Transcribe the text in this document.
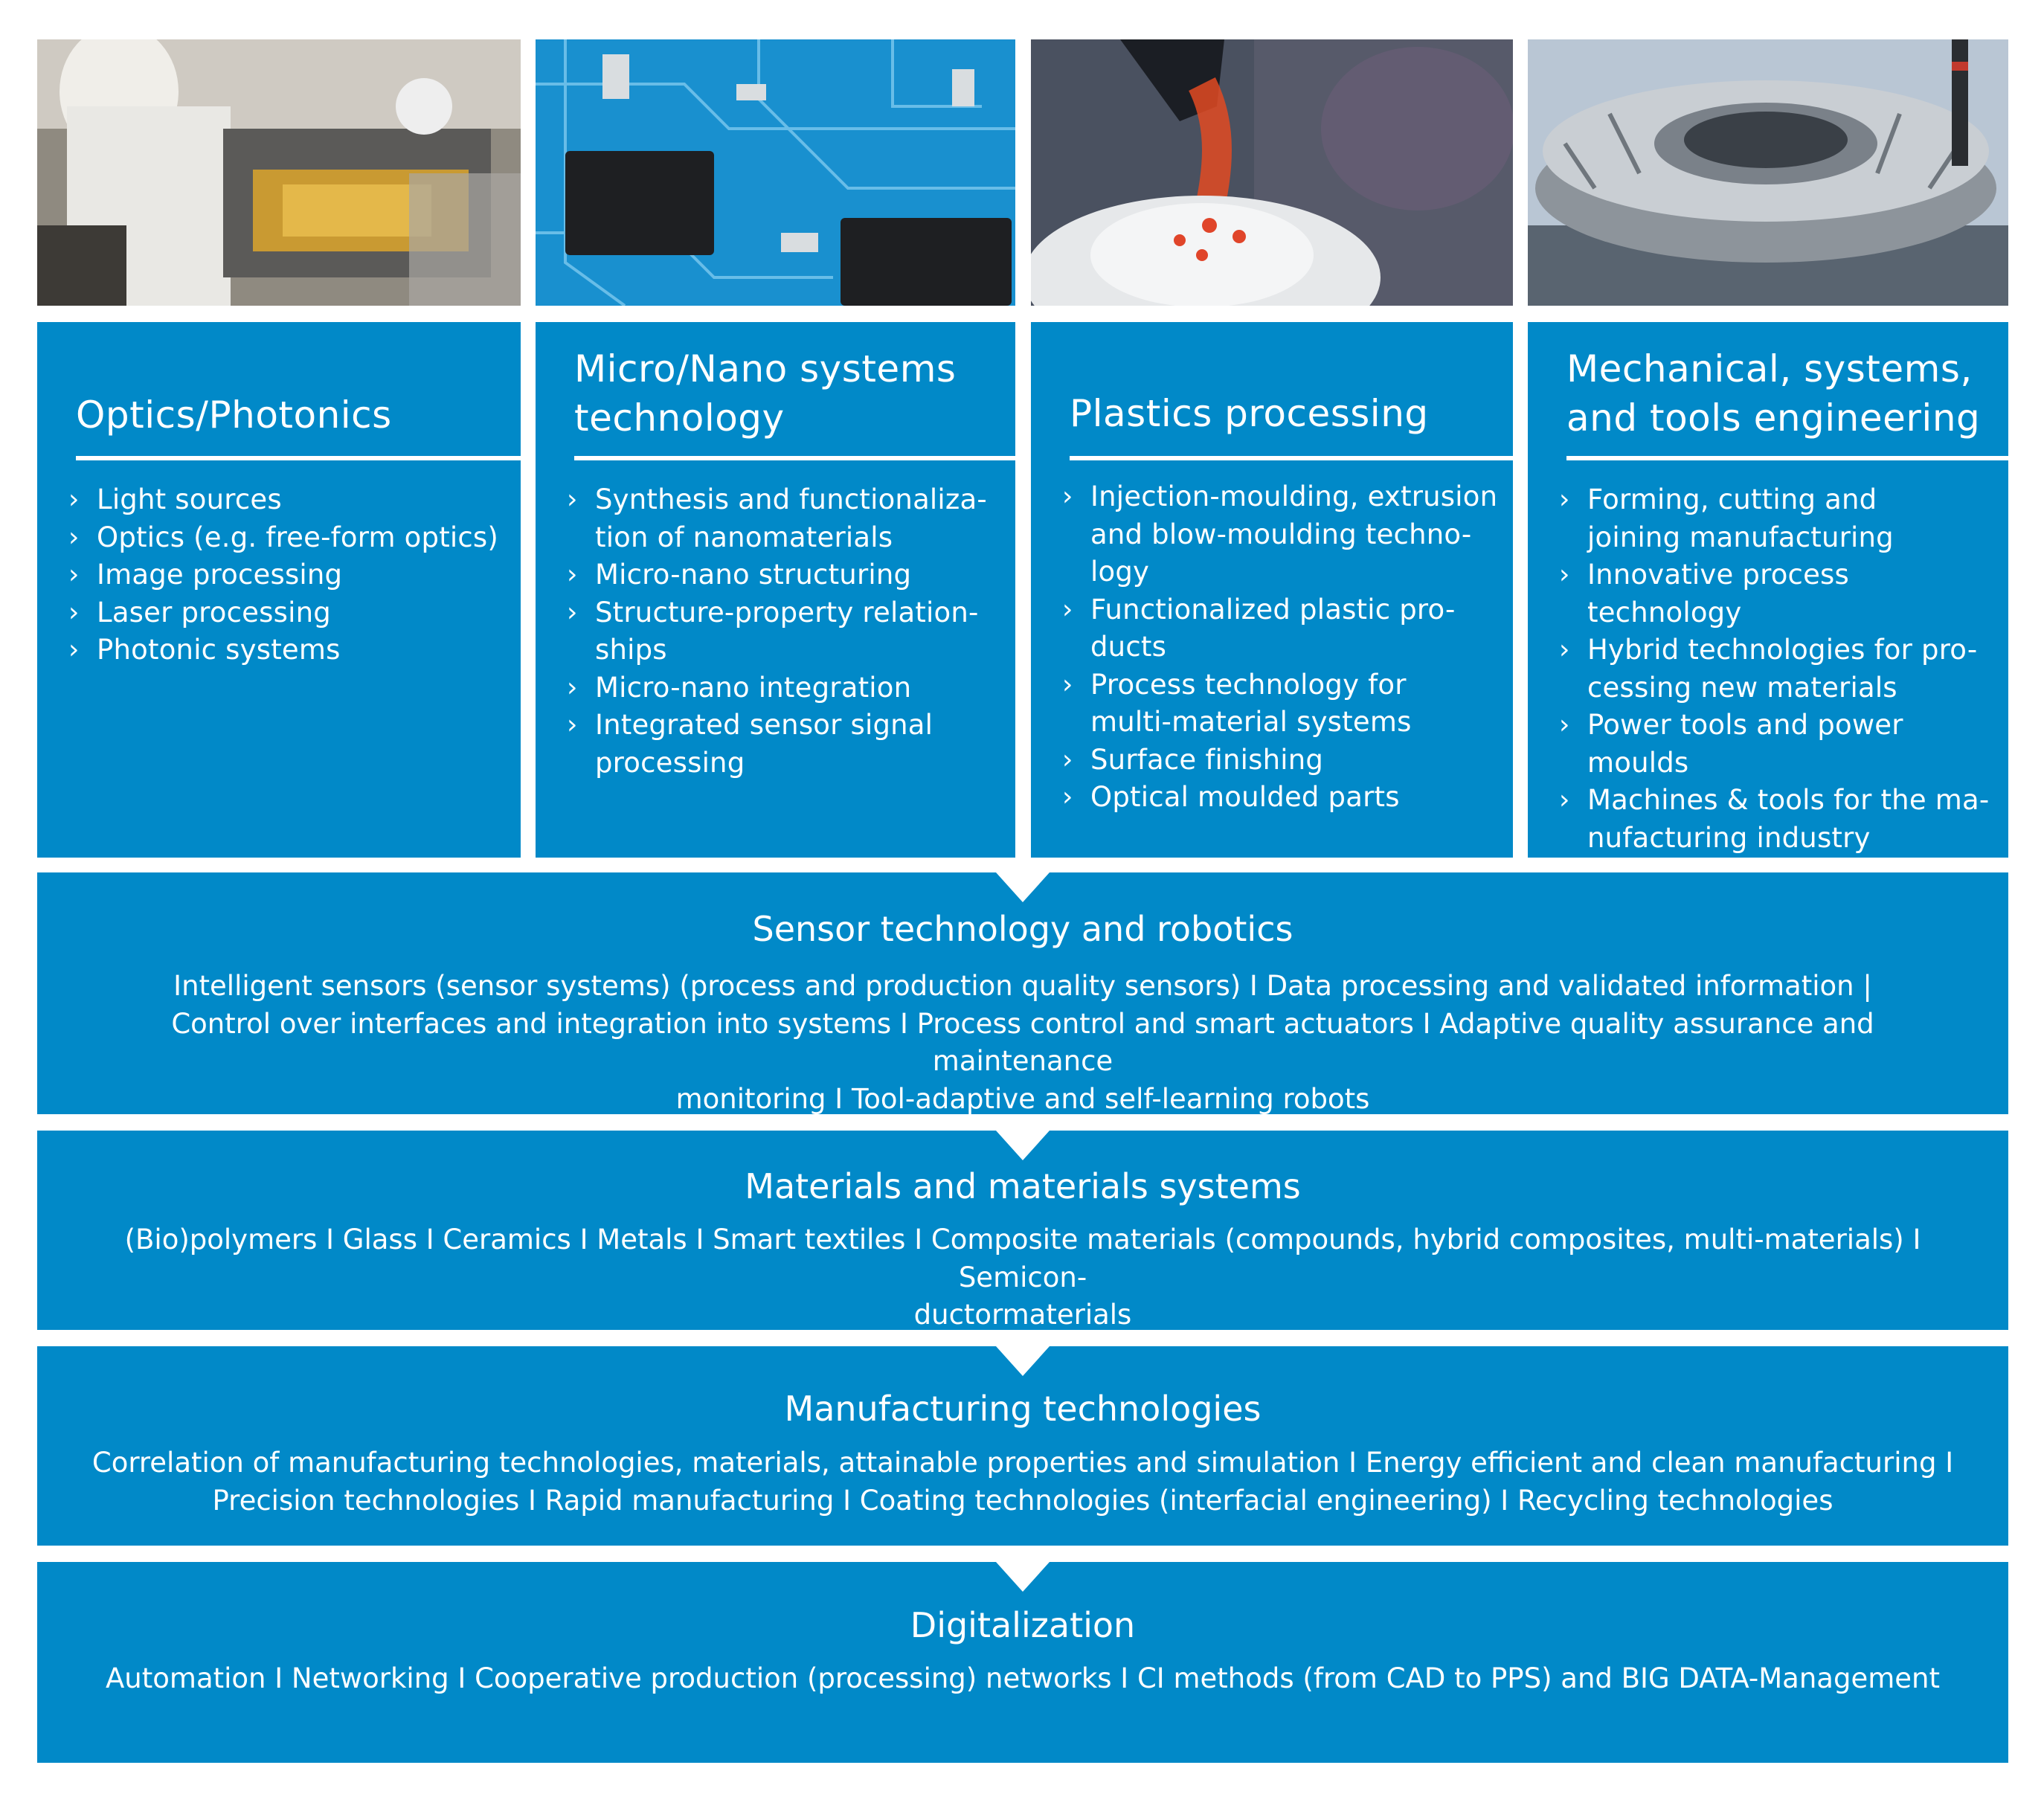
Optics/Photonics
› Light sources
› Optics (e.g. free-form optics)
› Image processing
› Laser processing
› Photonic systems
Micro/Nano systems
technology
› Synthesis and functionaliza-
tion of nanomaterials
› Micro-nano structuring
› Structure-property relation-
ships
› Micro-nano integration
› Integrated sensor signal
processing
Plastics processing
› Injection-moulding, extrusion
and blow-moulding techno-
logy
› Functionalized plastic pro-
ducts
› Process technology for
multi-material systems
› Surface finishing
› Optical moulded parts
Mechanical, systems,
and tools engineering
› Forming, cutting and
joining manufacturing
› Innovative process technology
› Hybrid technologies for pro-
cessing new materials
› Power tools and power moulds
› Machines & tools for the ma-
nufacturing industry
Sensor technology and robotics
Intelligent sensors (sensor systems) (process and production quality sensors) I Data processing and validated information |
Control over interfaces and integration into systems I Process control and smart actuators I Adaptive quality assurance and maintenance
monitoring I Tool-adaptive and self-learning robots
Materials and materials systems
(Bio)polymers I Glass I Ceramics I Metals I Smart textiles I Composite materials (compounds, hybrid composites, multi-materials) I Semicon-
ductormaterials
Manufacturing technologies
Correlation of manufacturing technologies, materials, attainable properties and simulation I Energy efficient and clean manufacturing I
Precision technologies I Rapid manufacturing I Coating technologies (interfacial engineering) I Recycling technologies
Digitalization
Automation I Networking I Cooperative production (processing) networks I CI methods (from CAD to PPS) and BIG DATA-Management
